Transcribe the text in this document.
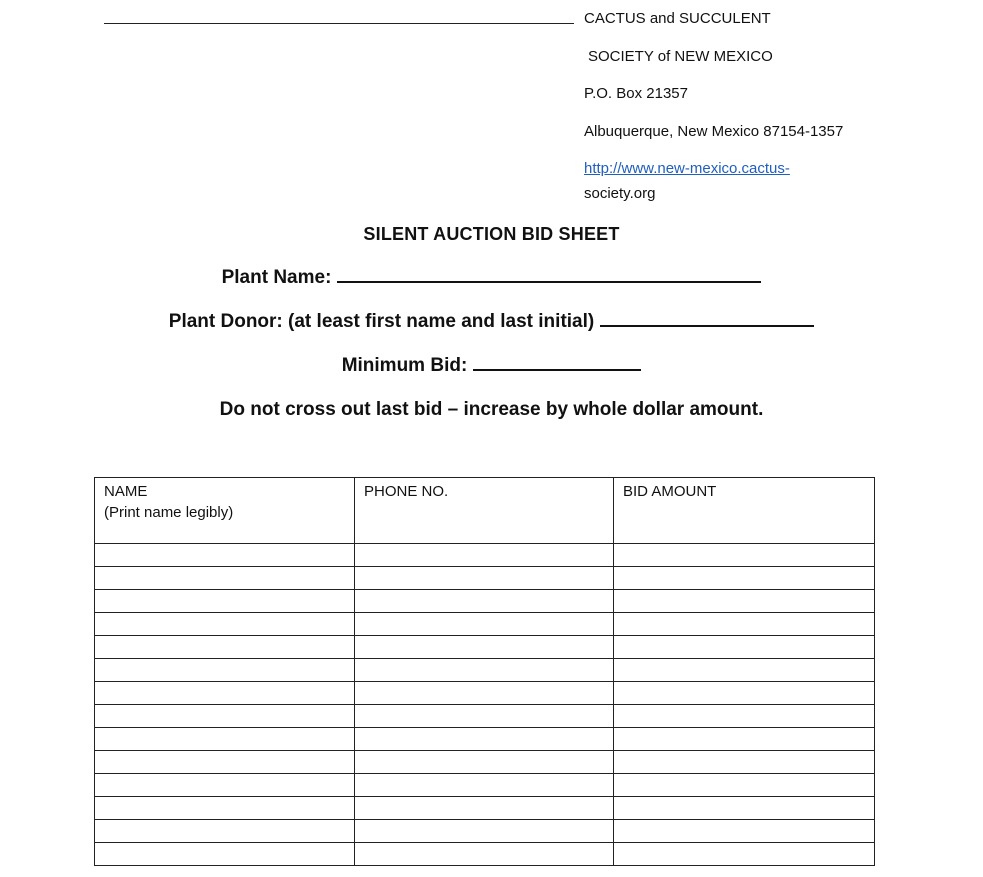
CACTUS and SUCCULENT
SOCIETY of NEW MEXICO
P.O. Box 21357
Albuquerque, New Mexico 87154-1357
http://www.new-mexico.cactus-
society.org
SILENT AUCTION BID SHEET
Plant Name:
Plant Donor: (at least first name and last initial)
Minimum Bid:
Do not cross out last bid – increase by whole dollar amount.
NAME
(Print name legibly)	PHONE NO.	BID AMOUNT
